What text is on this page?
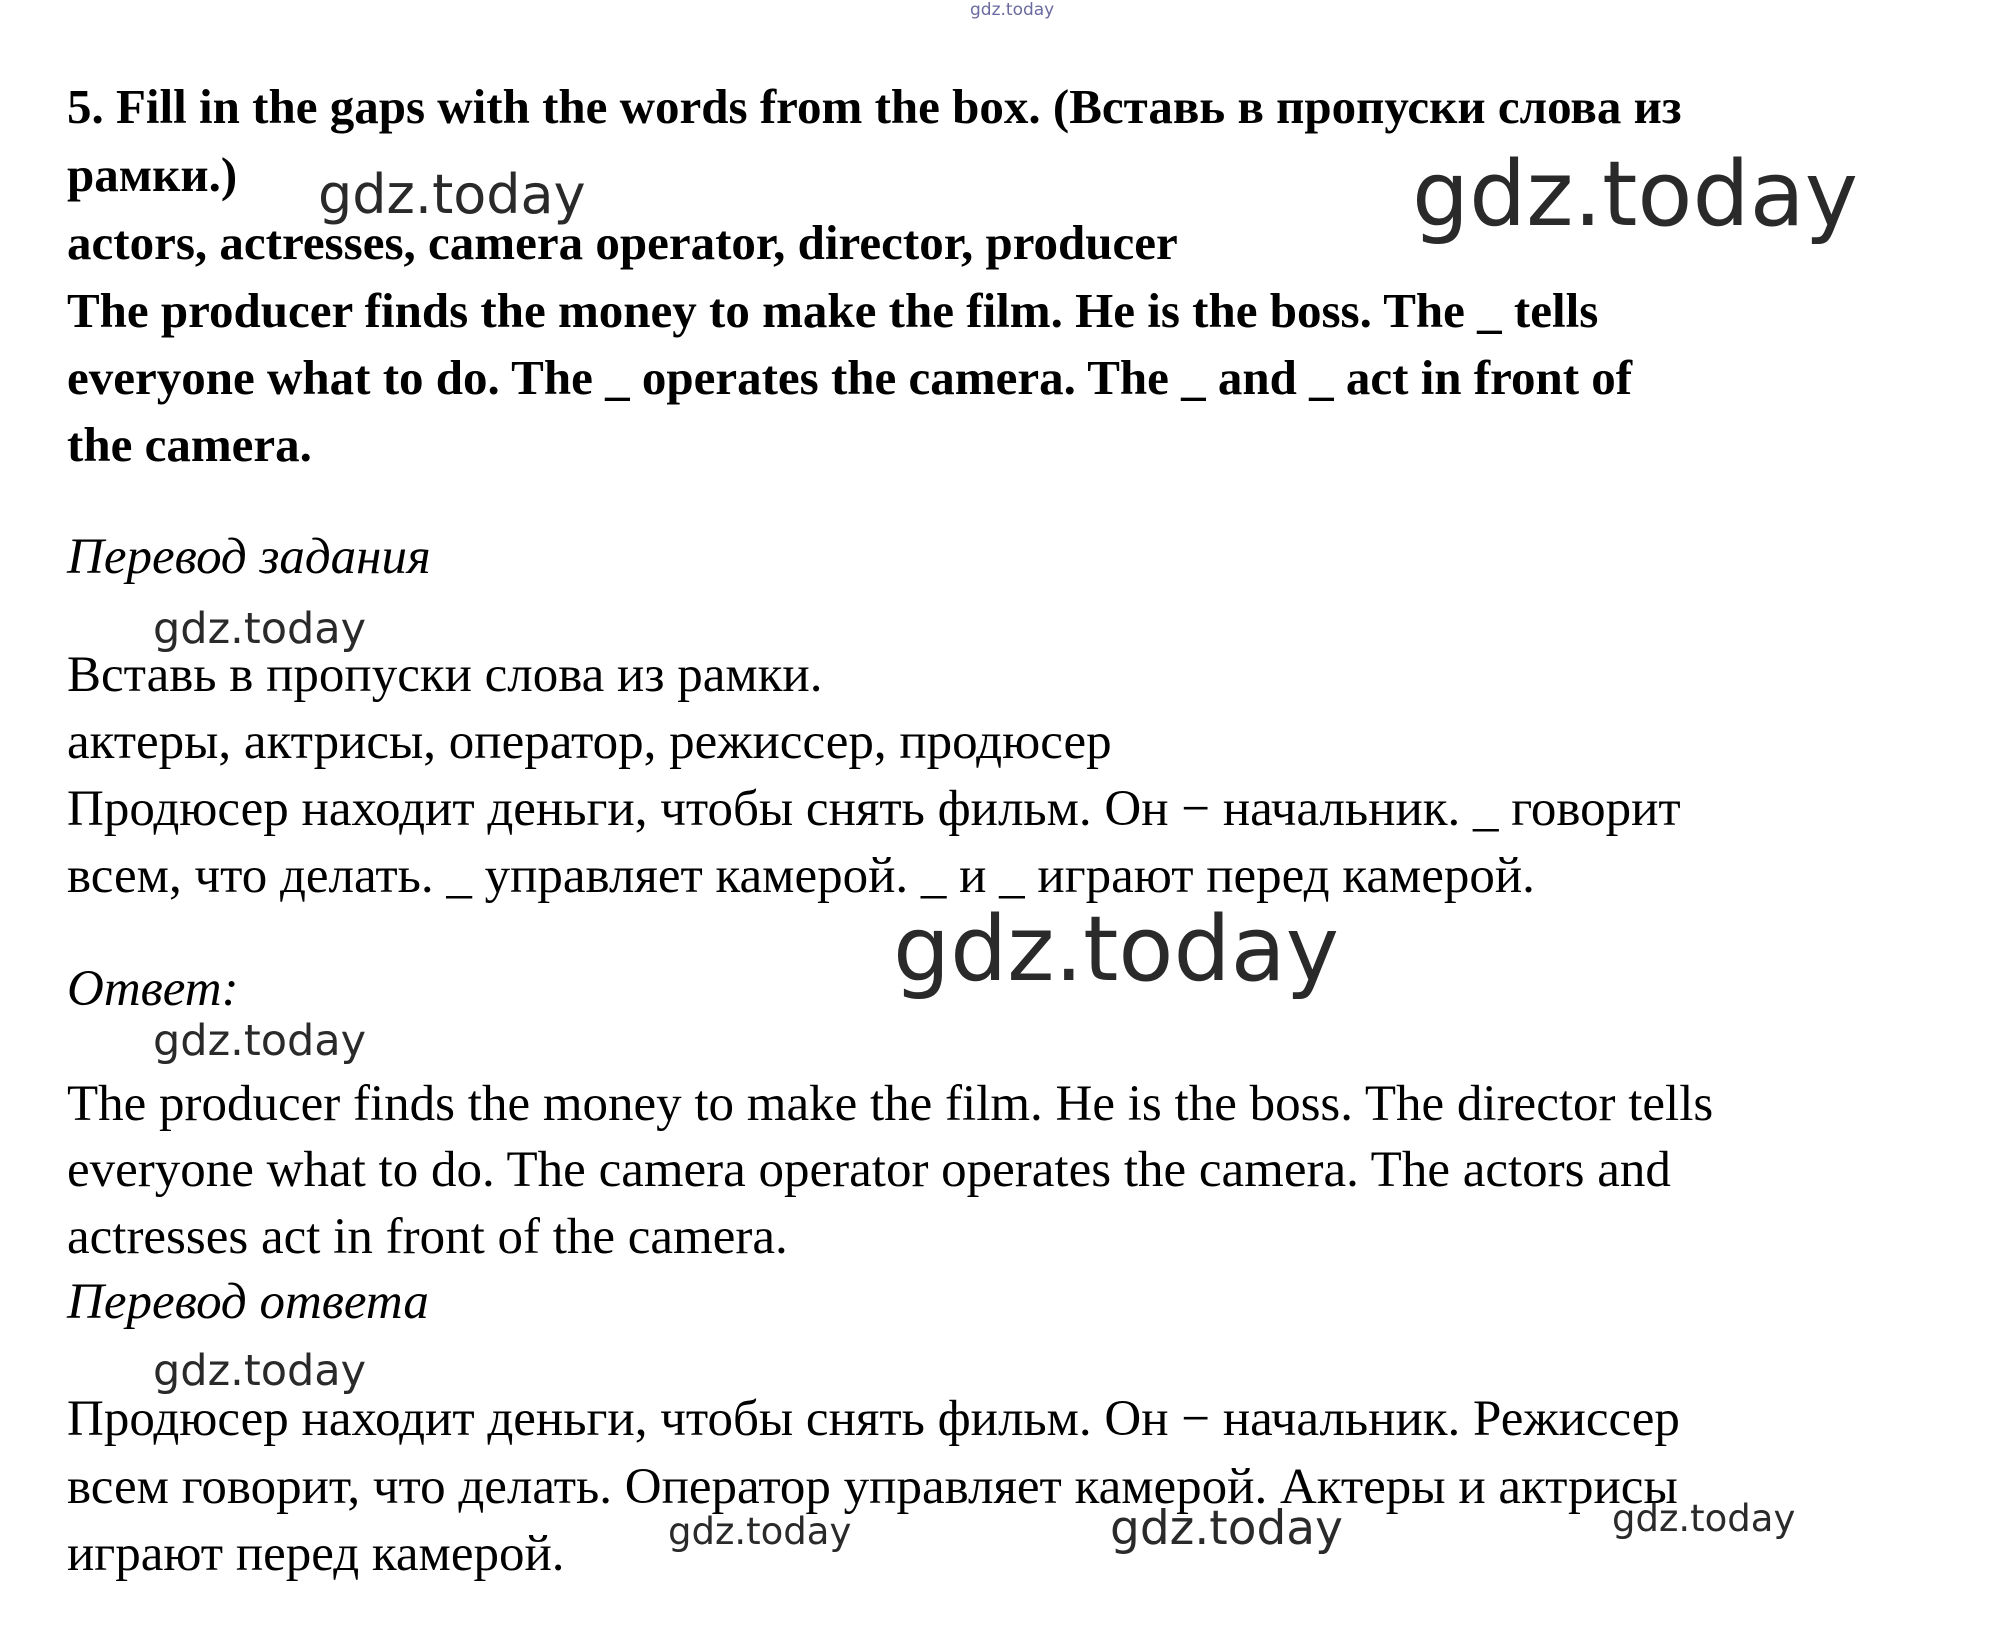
5. Fill in the gaps with the words from the box. (Вставь в пропуски слова из
рамки.)
actors, actresses, camera operator, director, producer
The producer finds the money to make the film. He is the boss. The _ tells
everyone what to do. The _ operates the camera. The _ and _ act in front of
the camera.
Перевод задания
Вставь в пропуски слова из рамки.
актеры, актрисы, оператор, режиссер, продюсер
Продюсер находит деньги, чтобы снять фильм. Он − начальник. _ говорит
всем, что делать. _ управляет камерой. _ и _ играют перед камерой.
Ответ:
The producer finds the money to make the film. He is the boss. The director tells
everyone what to do. The camera operator operates the camera. The actors and
actresses act in front of the camera.
Перевод ответа
Продюсер находит деньги, чтобы снять фильм. Он − начальник. Режиссер
всем говорит, что делать. Оператор управляет камерой. Актеры и актрисы
играют перед камерой.
gdz.today
gdz.today	gdz.today
gdz.today
gdz.today
gdz.today
gdz.today
gdz.today	gdz.today	gdz.today
